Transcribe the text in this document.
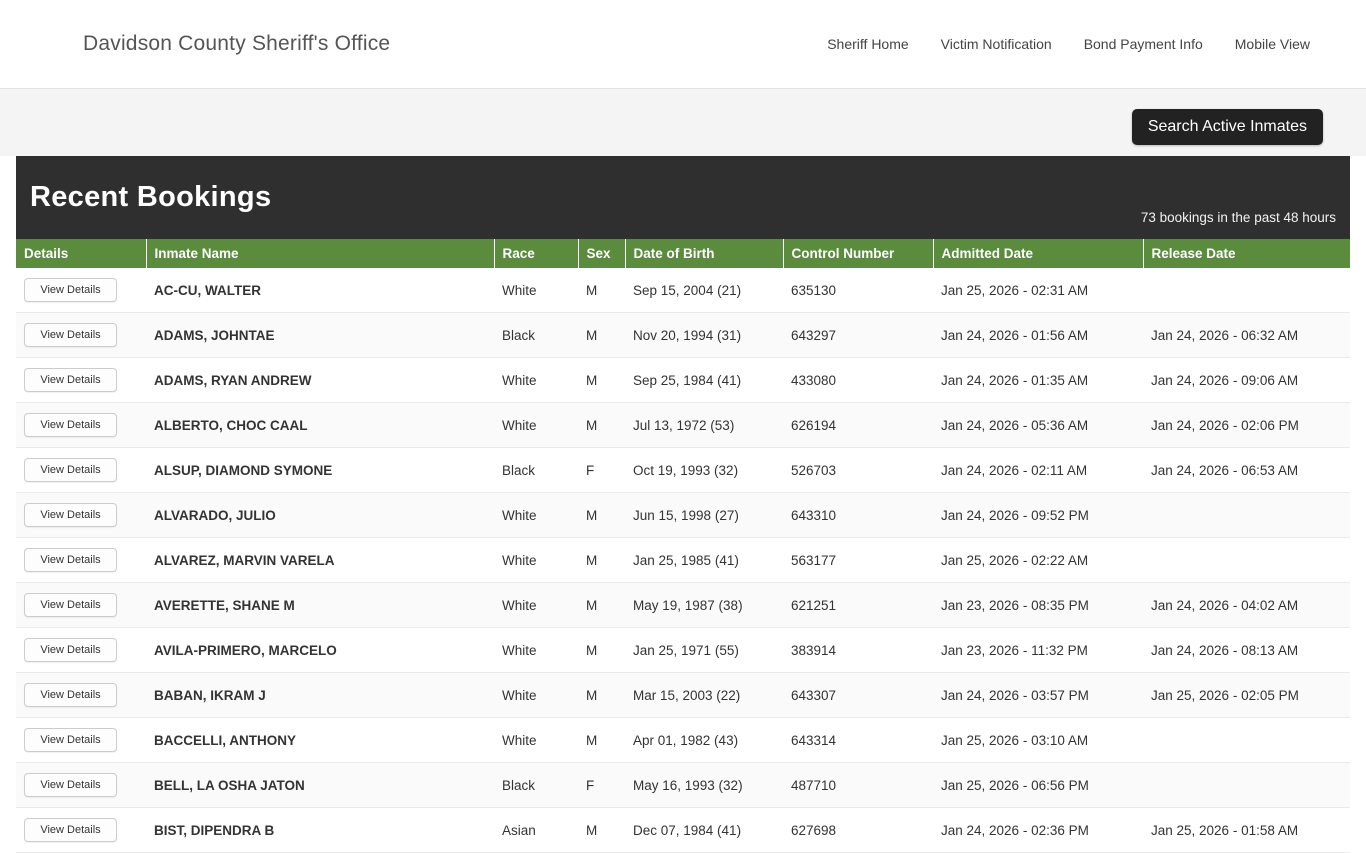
Davidson County Sheriff's Office	Sheriff Home	Victim Notification	Bond Payment Info	Mobile View
Search Active Inmates
Recent Bookings
73 bookings in the past 48 hours
Details	Inmate Name	Race	Sex	Date of Birth	Control Number	Admitted Date	Release Date
View Details	AC-CU, WALTER	White	M	Sep 15, 2004 (21)	635130	Jan 25, 2026 - 02:31 AM	
View Details	ADAMS, JOHNTAE	Black	M	Nov 20, 1994 (31)	643297	Jan 24, 2026 - 01:56 AM	Jan 24, 2026 - 06:32 AM
View Details	ADAMS, RYAN ANDREW	White	M	Sep 25, 1984 (41)	433080	Jan 24, 2026 - 01:35 AM	Jan 24, 2026 - 09:06 AM
View Details	ALBERTO, CHOC CAAL	White	M	Jul 13, 1972 (53)	626194	Jan 24, 2026 - 05:36 AM	Jan 24, 2026 - 02:06 PM
View Details	ALSUP, DIAMOND SYMONE	Black	F	Oct 19, 1993 (32)	526703	Jan 24, 2026 - 02:11 AM	Jan 24, 2026 - 06:53 AM
View Details	ALVARADO, JULIO	White	M	Jun 15, 1998 (27)	643310	Jan 24, 2026 - 09:52 PM	
View Details	ALVAREZ, MARVIN VARELA	White	M	Jan 25, 1985 (41)	563177	Jan 25, 2026 - 02:22 AM	
View Details	AVERETTE, SHANE M	White	M	May 19, 1987 (38)	621251	Jan 23, 2026 - 08:35 PM	Jan 24, 2026 - 04:02 AM
View Details	AVILA-PRIMERO, MARCELO	White	M	Jan 25, 1971 (55)	383914	Jan 23, 2026 - 11:32 PM	Jan 24, 2026 - 08:13 AM
View Details	BABAN, IKRAM J	White	M	Mar 15, 2003 (22)	643307	Jan 24, 2026 - 03:57 PM	Jan 25, 2026 - 02:05 PM
View Details	BACCELLI, ANTHONY	White	M	Apr 01, 1982 (43)	643314	Jan 25, 2026 - 03:10 AM	
View Details	BELL, LA OSHA JATON	Black	F	May 16, 1993 (32)	487710	Jan 25, 2026 - 06:56 PM	
View Details	BIST, DIPENDRA B	Asian	M	Dec 07, 1984 (41)	627698	Jan 24, 2026 - 02:36 PM	Jan 25, 2026 - 01:58 AM
